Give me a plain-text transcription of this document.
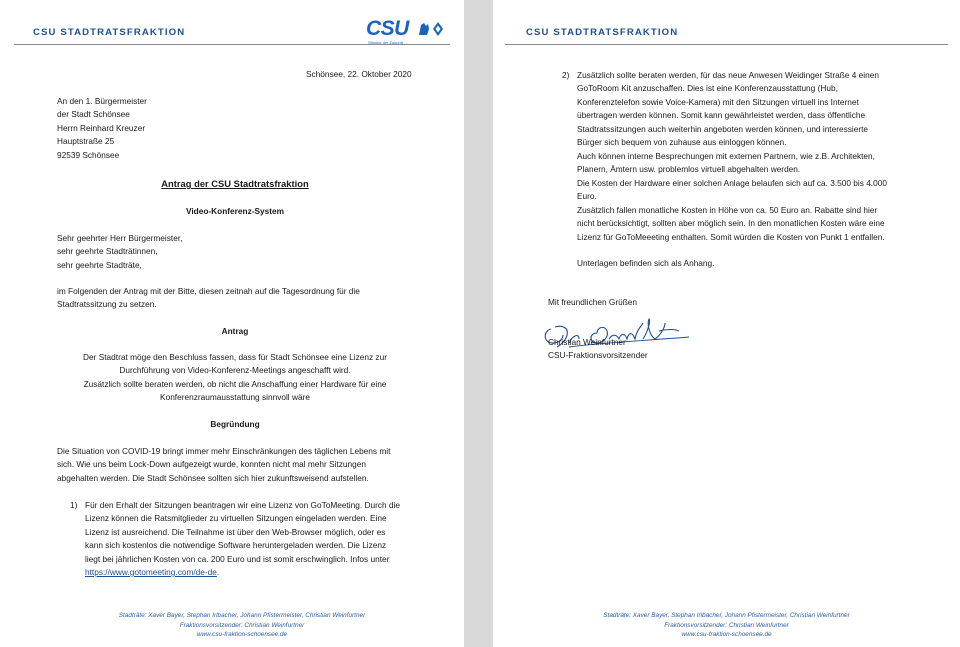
CSU STADTRATSFRAKTION	CSU
Stimme der Zukunft
Schönsee, 22. Oktober 2020
An den 1. Bürgermeister
der Stadt Schönsee
Herrn Reinhard Kreuzer
Hauptstraße 25
92539 Schönsee
Antrag der CSU Stadtratsfraktion
Video-Konferenz-System
Sehr geehrter Herr Bürgermeister,
sehr geehrte Stadträtinnen,
sehr geehrte Stadträte,
im Folgenden der Antrag mit der Bitte, diesen zeitnah auf die Tagesordnung für die
Stadtratssitzung zu setzen.
Antrag
Der Stadtrat möge den Beschluss fassen, dass für Stadt Schönsee eine Lizenz zur
Durchführung von Video-Konferenz-Meetings angeschafft wird.
Zusätzlich sollte beraten werden, ob nicht die Anschaffung einer Hardware für eine
Konferenzraumausstattung sinnvoll wäre
Begründung
Die Situation von COVID-19 bringt immer mehr Einschränkungen des täglichen Lebens mit
sich. Wie uns beim Lock-Down aufgezeigt wurde, konnten nicht mal mehr Sitzungen
abgehalten werden. Die Stadt Schönsee sollten sich hier zukunftsweisend aufstellen.
1) Für den Erhalt der Sitzungen beantragen wir eine Lizenz von GoToMeeting. Durch die
Lizenz können die Ratsmitglieder zu virtuellen Sitzungen eingeladen werden. Eine
Lizenz ist ausreichend. Die Teilnahme ist über den Web-Browser möglich, oder es
kann sich kostenlos die notwendige Software heruntergeladen werden. Die Lizenz
liegt bei jährlichen Kosten von ca. 200 Euro und ist somit erschwinglich. Infos unter
https://www.gotomeeting.com/de-de.
Stadträte: Xaver Bayer, Stephan Irlbacher, Johann Pfistermeister, Christian Weinfurtner
Fraktionsvorsitzender: Christian Weinfurtner
www.csu-fraktion-schoensee.de
CSU STADTRATSFRAKTION
2) Zusätzlich sollte beraten werden, für das neue Anwesen Weidinger Straße 4 einen
GoToRoom Kit anzuschaffen. Dies ist eine Konferenzausstattung (Hub,
Konferenztelefon sowie Voice-Kamera) mit den Sitzungen virtuell ins Internet
übertragen werden können. Somit kann gewährleistet werden, dass öffentliche
Stadtratssitzungen auch weiterhin angeboten werden können, und interessierte
Bürger sich bequem von zuhause aus einloggen können.
Auch können interne Besprechungen mit externen Partnern, wie z.B. Architekten,
Planern, Ämtern usw. problemlos virtuell abgehalten werden.
Die Kosten der Hardware einer solchen Anlage belaufen sich auf ca. 3.500 bis 4.000
Euro.
Zusätzlich fallen monatliche Kosten in Höhe von ca. 50 Euro an. Rabatte sind hier
nicht berücksichtigt, sollten aber möglich sein. In den monatlichen Kosten wäre eine
Lizenz für GoToMeeeting enthalten. Somit würden die Kosten von Punkt 1 entfallen.
Unterlagen befinden sich als Anhang.
Mit freundlichen Grüßen
Christian Weinfurtner
CSU-Fraktionsvorsitzender
Stadträte: Xaver Bayer, Stephan Irlbacher, Johann Pfistermeister, Christian Weinfurtner
Fraktionsvorsitzender: Christian Weinfurtner
www.csu-fraktion-schoensee.de
